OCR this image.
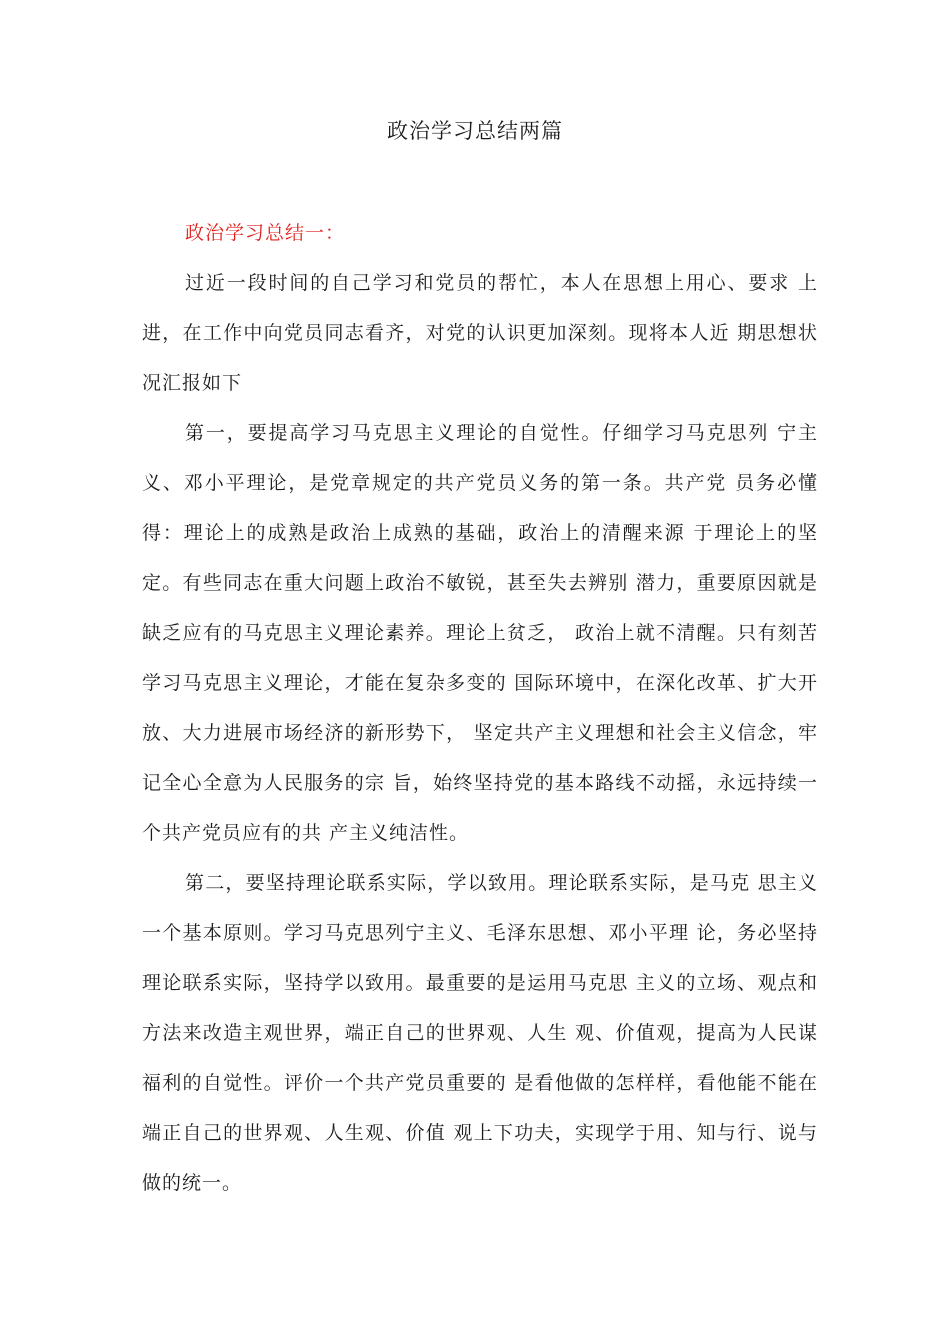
政治学习总结两篇

政治学习总结一：

过近一段时间的自己学习和党员的帮忙，本人在思想上用心、要求 上进，在工作中向党员同志看齐，对党的认识更加深刻。现将本人近 期思想状况汇报如下

第一，要提高学习马克思主义理论的自觉性。仔细学习马克思列 宁主义、邓小平理论，是党章规定的共产党员义务的第一条。共产党 员务必懂得：理论上的成熟是政治上成熟的基础，政治上的清醒来源 于理论上的坚定。有些同志在重大问题上政治不敏锐，甚至失去辨别 潜力，重要原因就是缺乏应有的马克思主义理论素养。理论上贫乏， 政治上就不清醒。只有刻苦学习马克思主义理论，才能在复杂多变的 国际环境中，在深化改革、扩大开放、大力进展市场经济的新形势下， 坚定共产主义理想和社会主义信念，牢记全心全意为人民服务的宗 旨，始终坚持党的基本路线不动摇，永远持续一个共产党员应有的共 产主义纯洁性。

第二，要坚持理论联系实际，学以致用。理论联系实际，是马克 思主义一个基本原则。学习马克思列宁主义、毛泽东思想、邓小平理 论，务必坚持理论联系实际，坚持学以致用。最重要的是运用马克思 主义的立场、观点和方法来改造主观世界，端正自己的世界观、人生 观、价值观，提高为人民谋福利的自觉性。评价一个共产党员重要的 是看他做的怎样样，看他能不能在端正自己的世界观、人生观、价值 观上下功夫，实现学于用、知与行、说与做的统一。
